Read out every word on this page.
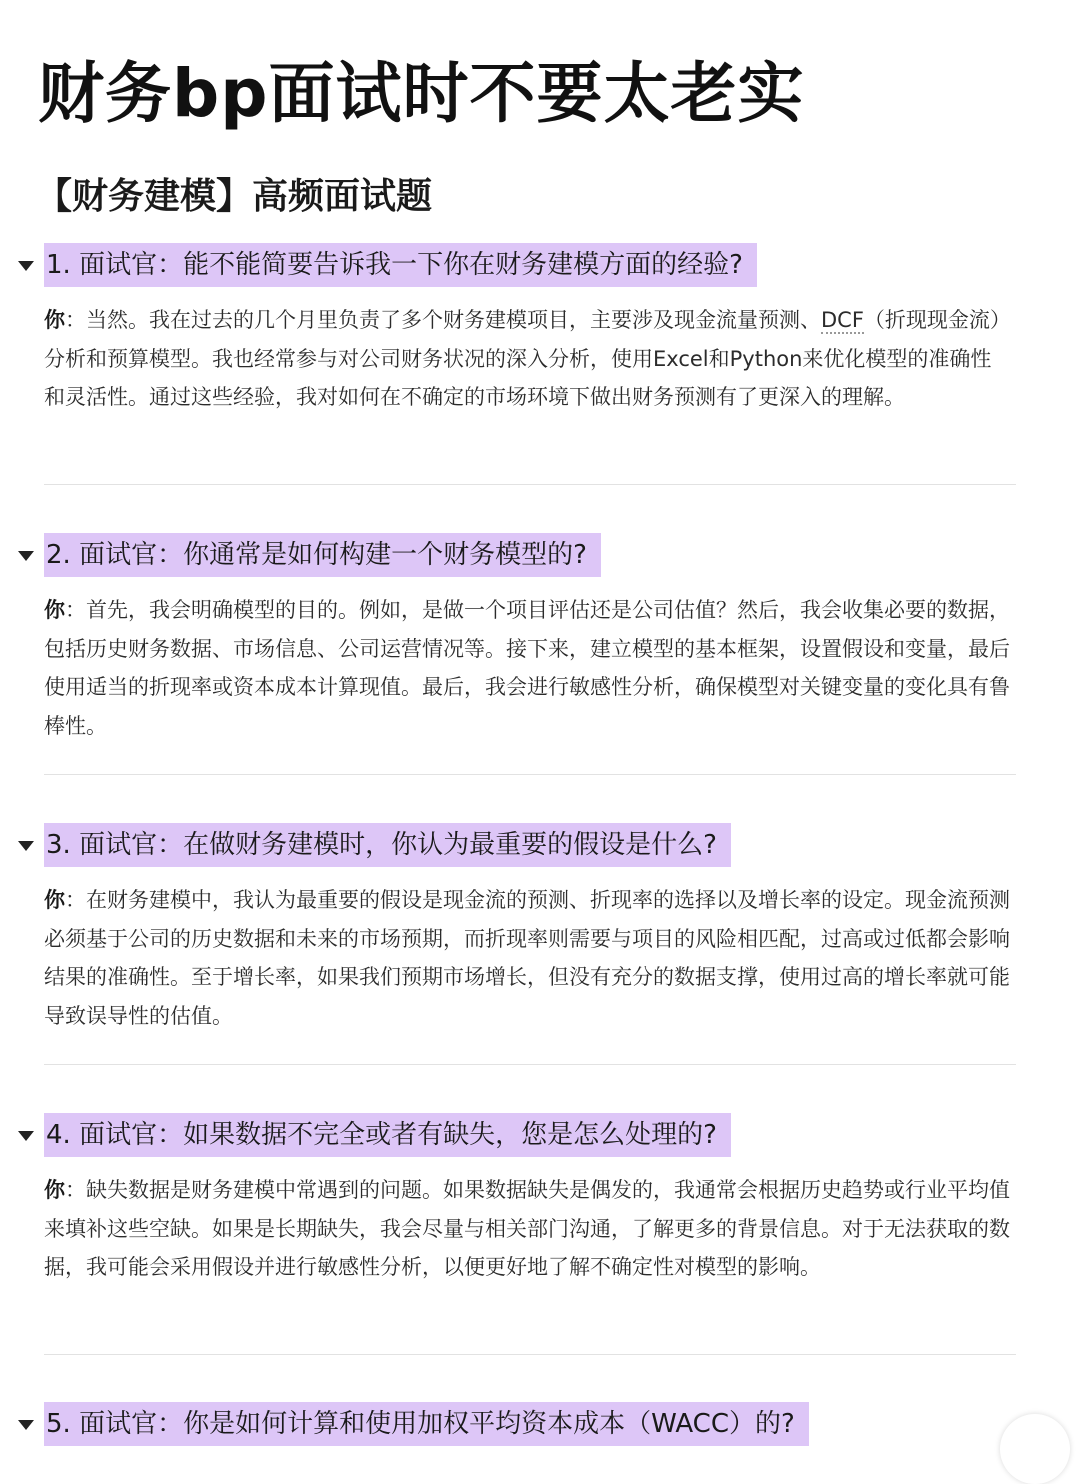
财务bp面试时不要太老实
【财务建模】高频面试题
1. 面试官：能不能简要告诉我一下你在财务建模方面的经验?
你：当然。我在过去的几个月里负责了多个财务建模项目，主要涉及现金流量预测、DCF（折现现金流）分析和预算模型。我也经常参与对公司财务状况的深入分析，使用Excel和Python来优化模型的准确性和灵活性。通过这些经验，我对如何在不确定的市场环境下做出财务预测有了更深入的理解。
2. 面试官：你通常是如何构建一个财务模型的?
你：首先，我会明确模型的目的。例如，是做一个项目评估还是公司估值？然后，我会收集必要的数据，包括历史财务数据、市场信息、公司运营情况等。接下来，建立模型的基本框架，设置假设和变量，最后使用适当的折现率或资本成本计算现值。最后，我会进行敏感性分析，确保模型对关键变量的变化具有鲁棒性。
3. 面试官：在做财务建模时，你认为最重要的假设是什么?
你：在财务建模中，我认为最重要的假设是现金流的预测、折现率的选择以及增长率的设定。现金流预测必须基于公司的历史数据和未来的市场预期，而折现率则需要与项目的风险相匹配，过高或过低都会影响结果的准确性。至于增长率，如果我们预期市场增长，但没有充分的数据支撑，使用过高的增长率就可能导致误导性的估值。
4. 面试官：如果数据不完全或者有缺失，您是怎么处理的?
你：缺失数据是财务建模中常遇到的问题。如果数据缺失是偶发的，我通常会根据历史趋势或行业平均值来填补这些空缺。如果是长期缺失，我会尽量与相关部门沟通，了解更多的背景信息。对于无法获取的数据，我可能会采用假设并进行敏感性分析，以便更好地了解不确定性对模型的影响。
5. 面试官：你是如何计算和使用加权平均资本成本（WACC）的?
